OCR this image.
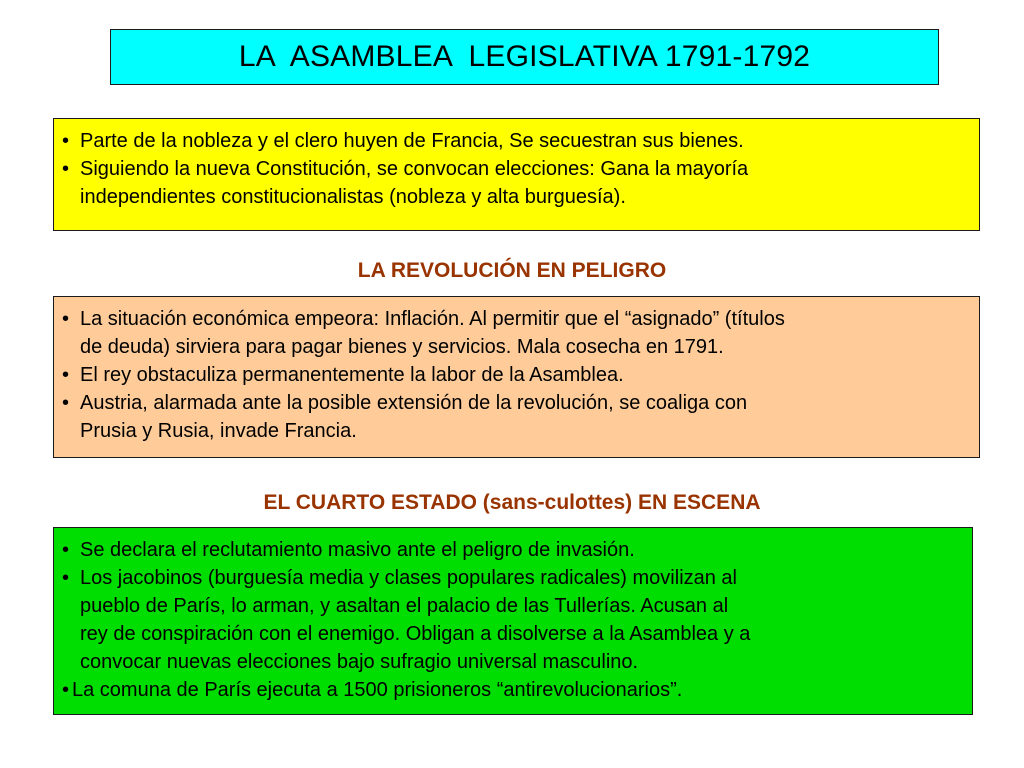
LA  ASAMBLEA  LEGISLATIVA 1791-1792
• Parte de la nobleza y el clero huyen de Francia, Se secuestran sus bienes.
• Siguiendo la nueva Constitución, se convocan elecciones: Gana la mayoría
independientes constitucionalistas (nobleza y alta burguesía).
LA REVOLUCIÓN EN PELIGRO
• La situación económica empeora: Inflación. Al permitir que el “asignado” (títulos
de deuda) sirviera para pagar bienes y servicios. Mala cosecha en 1791.
• El rey obstaculiza permanentemente la labor de la Asamblea.
• Austria, alarmada ante la posible extensión de la revolución, se coaliga con
Prusia y Rusia, invade Francia.
EL CUARTO ESTADO (sans-culottes) EN ESCENA
• Se declara el reclutamiento masivo ante el peligro de invasión.
• Los jacobinos (burguesía media y clases populares radicales) movilizan al
pueblo de París, lo arman, y asaltan el palacio de las Tullerías. Acusan al
rey de conspiración con el enemigo. Obligan a disolverse a la Asamblea y a
convocar nuevas elecciones bajo sufragio universal masculino.
• La comuna de París ejecuta a 1500 prisioneros “antirevolucionarios”.
